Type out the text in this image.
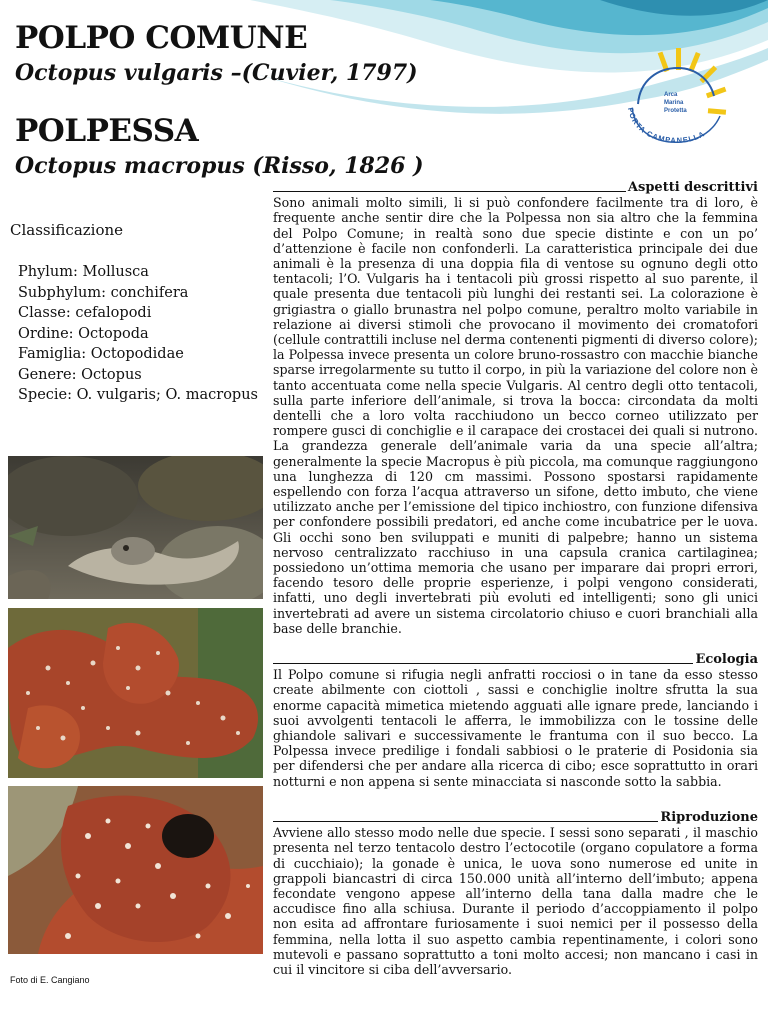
POLPO COMUNE
Octopus vulgaris –(Cuvier, 1797)
POLPESSA
Octopus macropus (Risso, 1826 )
Arca
Marina
Protetta
PORTA CAMPANELLA
Classificazione
Phylum: Mollusca
Subphylum: conchifera
Classe: cefalopodi
Ordine: Octopoda
Famiglia: Octopodidae
Genere: Octopus
Specie: O. vulgaris; O. macropus
Foto di E. Cangiano
Aspetti descrittivi

Sono animali molto simili, li si può confondere facilmente tra di loro, è frequente anche sentir dire che la Polpessa non sia altro che la femmina del Polpo Comune; in realtà sono due specie distinte e con un po’ d’attenzione è facile non confonderli. La caratteristica principale dei due animali è la presenza di una doppia fila di ventose su ognuno degli otto tentacoli; l’O. Vulgaris ha i tentacoli più grossi rispetto al suo parente, il quale presenta due tentacoli più lunghi dei restanti sei. La colorazione è grigiastra o giallo brunastra nel polpo comune, peraltro molto variabile in relazione ai diversi stimoli che provocano il movimento dei cromatofori (cellule contrattili incluse nel derma contenenti pigmenti di diverso colore); la Polpessa invece presenta un colore bruno-rossastro con macchie bianche sparse irregolarmente su tutto il corpo, in più la variazione del colore non è tanto accentuata come nella specie Vulgaris. Al centro degli otto tentacoli, sulla parte inferiore dell’animale, si trova la bocca: circondata da molti dentelli che a loro volta racchiudono un becco corneo utilizzato per rompere gusci di conchiglie e il carapace dei crostacei dei quali si nutrono. La grandezza generale dell’animale varia da una specie all’altra; generalmente la specie Macropus è più piccola, ma comunque raggiungono una lunghezza di 120 cm massimi. Possono spostarsi rapidamente espellendo con forza l’acqua attraverso un sifone, detto imbuto, che viene utilizzato anche per l’emissione del tipico inchiostro, con funzione difensiva per confondere possibili predatori, ed anche come incubatrice per le uova. Gli occhi sono ben sviluppati e muniti di palpebre; hanno un sistema nervoso centralizzato racchiuso in una capsula cranica cartilaginea; possiedono un’ottima memoria che usano per imparare dai propri errori, facendo tesoro delle proprie esperienze, i polpi vengono considerati, infatti, uno degli invertebrati più evoluti ed intelligenti; sono gli unici invertebrati ad avere un sistema circolatorio chiuso e cuori branchiali alla base delle branchie.

Ecologia

Il Polpo comune si rifugia negli anfratti rocciosi o in tane da esso stesso create abilmente con ciottoli , sassi e conchiglie inoltre sfrutta la sua enorme capacità mimetica mietendo agguati alle ignare prede, lanciando i suoi avvolgenti tentacoli le afferra, le immobilizza con le tossine delle ghiandole salivari e successivamente le frantuma con il suo becco. La Polpessa invece predilige i fondali sabbiosi o le praterie di Posidonia sia per difendersi che per andare alla ricerca di cibo; esce soprattutto in orari notturni e non appena si sente minacciata si nasconde sotto la sabbia.

Riproduzione

Avviene allo stesso modo nelle due specie. I sessi sono separati , il maschio presenta nel terzo tentacolo destro l’ectocotile (organo copulatore a forma di cucchiaio); la gonade è unica, le uova sono numerose ed unite in grappoli biancastri di circa 150.000 unità all’interno dell’imbuto; appena fecondate vengono appese all’interno della tana dalla madre che le accudisce fino alla schiusa. Durante il periodo d’accoppiamento il polpo non esita ad affrontare furiosamente i suoi nemici per il possesso della femmina, nella lotta il suo aspetto cambia repentinamente, i colori sono mutevoli e passano soprattutto a toni molto accesi; non mancano i casi in cui il vincitore si ciba dell’avversario.
